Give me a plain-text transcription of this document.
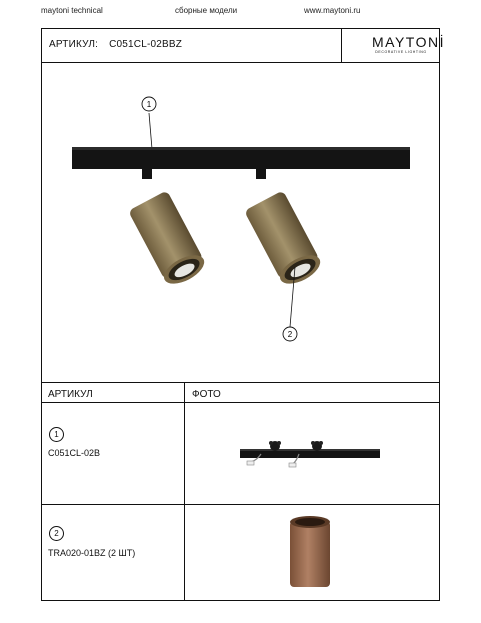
maytoni technical	сборные модели	www.maytoni.ru
АРТИКУЛ: C051CL-02BBZ	MAYTONİ
DECORATIVE LIGHTING
1
2
АРТИКУЛ	ФОТО
1
C051CL-02B
2
TRA020-01BZ (2 ШТ)
